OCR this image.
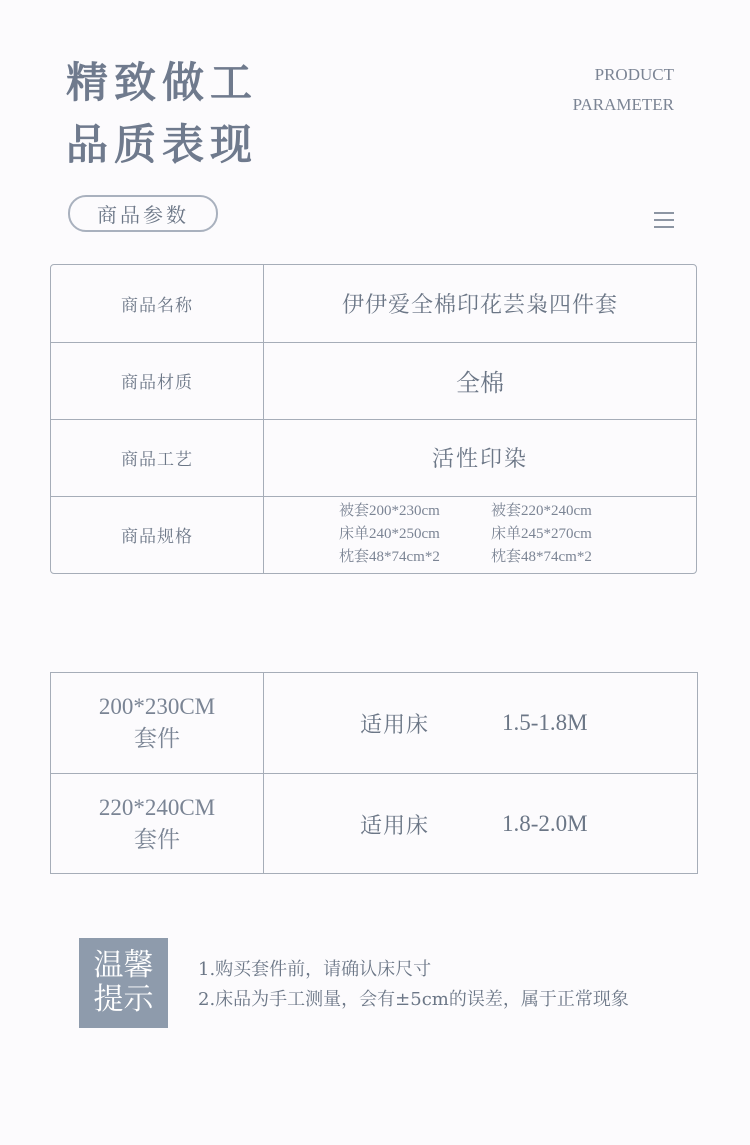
精致做工
品质表现
PRODUCT
PARAMETER
商品参数
商品名称	伊伊爱全棉印花芸枭四件套
商品材质	全棉
商品工艺	活性印染
商品规格
被套200*230cm	被套220*240cm
床单240*250cm	床单245*270cm
枕套48*74cm*2	枕套48*74cm*2
200*230CM
套件
适用床	1.5-1.8M
220*240CM
套件
适用床	1.8-2.0M
温馨
提示
1.购买套件前，请确认床尺寸
2.床品为手工测量，会有±5cm的误差，属于正常现象
